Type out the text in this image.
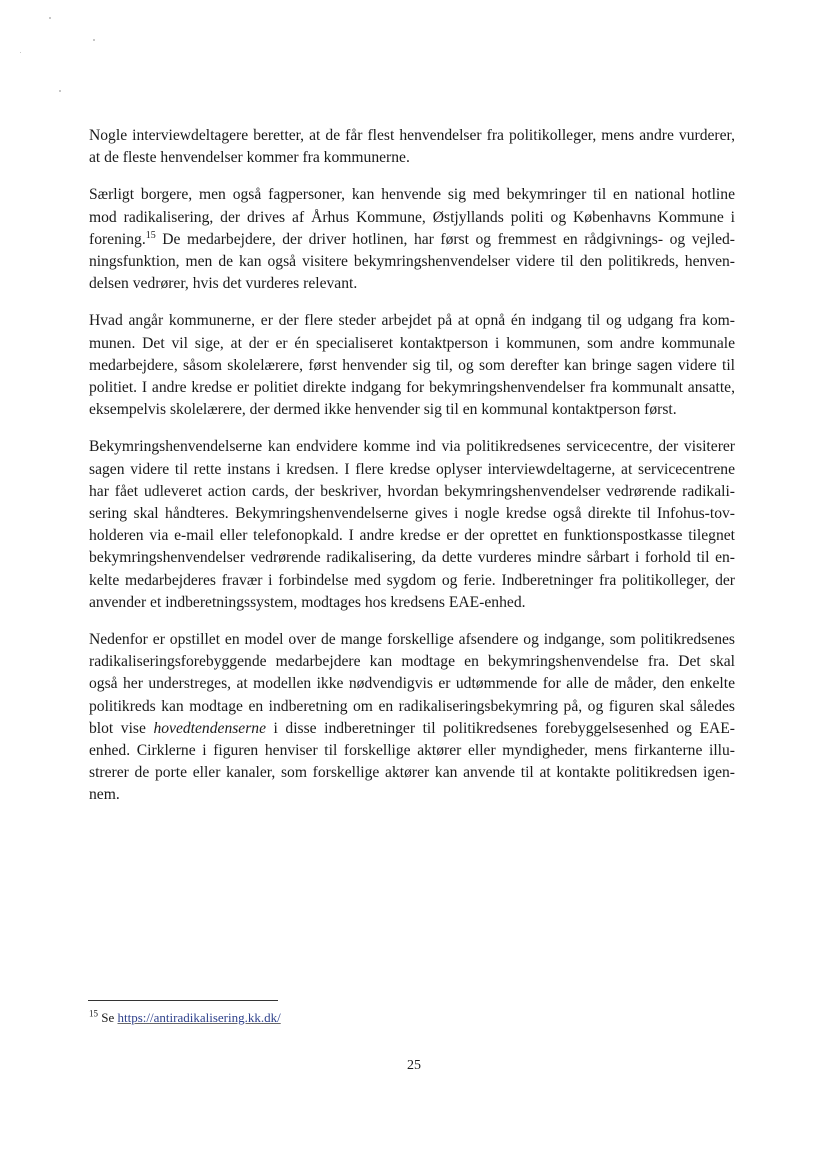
Nogle interviewdeltagere beretter, at de får flest henvendelser fra politikolleger, mens andre vurderer,
at de fleste henvendelser kommer fra kommunerne.

Særligt borgere, men også fagpersoner, kan henvende sig med bekymringer til en national hotline
mod radikalisering, der drives af Århus Kommune, Østjyllands politi og Københavns Kommune i
forening.$^{15}$ De medarbejdere, der driver hotlinen, har først og fremmest en rådgivnings- og vejled-
ningsfunktion, men de kan også visitere bekymringshenvendelser videre til den politikreds, henven-
delsen vedrører, hvis det vurderes relevant.

Hvad angår kommunerne, er der flere steder arbejdet på at opnå én indgang til og udgang fra kom-
munen. Det vil sige, at der er én specialiseret kontaktperson i kommunen, som andre kommunale
medarbejdere, såsom skolelærere, først henvender sig til, og som derefter kan bringe sagen videre til
politiet. I andre kredse er politiet direkte indgang for bekymringshenvendelser fra kommunalt ansatte,
eksempelvis skolelærere, der dermed ikke henvender sig til en kommunal kontaktperson først.

Bekymringshenvendelserne kan endvidere komme ind via politikredsenes servicecentre, der visiterer
sagen videre til rette instans i kredsen. I flere kredse oplyser interviewdeltagerne, at servicecentrene
har fået udleveret action cards, der beskriver, hvordan bekymringshenvendelser vedrørende radikali-
sering skal håndteres. Bekymringshenvendelserne gives i nogle kredse også direkte til Infohus-tov-
holderen via e-mail eller telefonopkald. I andre kredse er der oprettet en funktionspostkasse tilegnet
bekymringshenvendelser vedrørende radikalisering, da dette vurderes mindre sårbart i forhold til en-
kelte medarbejderes fravær i forbindelse med sygdom og ferie. Indberetninger fra politikolleger, der
anvender et indberetningssystem, modtages hos kredsens EAE-enhed.

Nedenfor er opstillet en model over de mange forskellige afsendere og indgange, som politikredsenes
radikaliseringsforebyggende medarbejdere kan modtage en bekymringshenvendelse fra. Det skal
også her understreges, at modellen ikke nødvendigvis er udtømmende for alle de måder, den enkelte
politikreds kan modtage en indberetning om en radikaliseringsbekymring på, og figuren skal således
blot vise hovedtendenserne i disse indberetninger til politikredsenes forebyggelsesenhed og EAE-
enhed. Cirklerne i figuren henviser til forskellige aktører eller myndigheder, mens firkanterne illu-
strerer de porte eller kanaler, som forskellige aktører kan anvende til at kontakte politikredsen igen-
nem.

$^{15}$ Se https://antiradikalisering.kk.dk/
25
